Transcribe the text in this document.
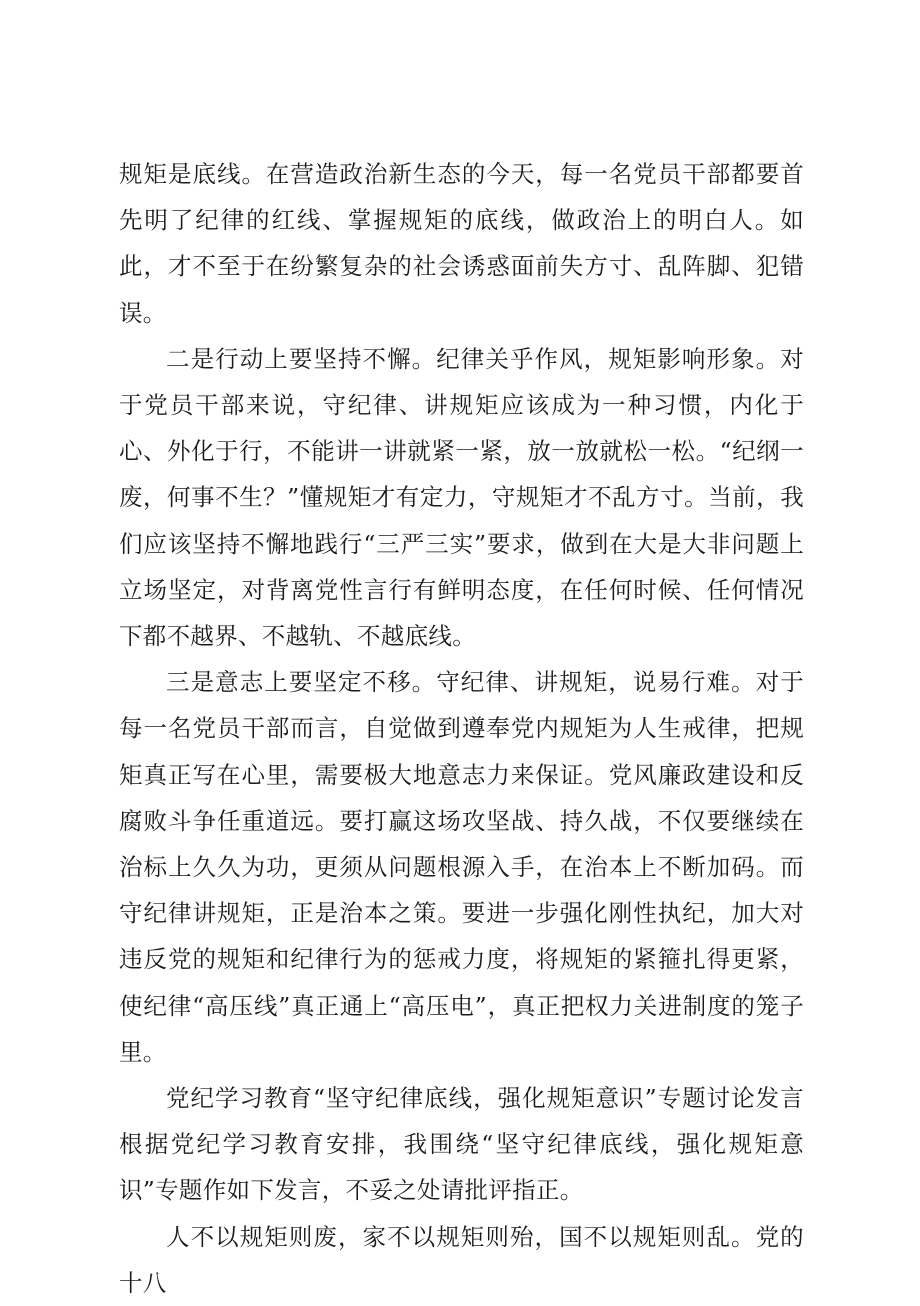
规矩是底线。在营造政治新生态的今天，每一名党员干部都要首先明了纪律的红线、掌握规矩的底线，做政治上的明白人。如此，才不至于在纷繁复杂的社会诱惑面前失方寸、乱阵脚、犯错误。

二是行动上要坚持不懈。纪律关乎作风，规矩影响形象。对于党员干部来说，守纪律、讲规矩应该成为一种习惯，内化于心、外化于行，不能讲一讲就紧一紧，放一放就松一松。“纪纲一废，何事不生？”懂规矩才有定力，守规矩才不乱方寸。当前，我们应该坚持不懈地践行“三严三实”要求，做到在大是大非问题上立场坚定，对背离党性言行有鲜明态度，在任何时候、任何情况下都不越界、不越轨、不越底线。

三是意志上要坚定不移。守纪律、讲规矩，说易行难。对于每一名党员干部而言，自觉做到遵奉党内规矩为人生戒律，把规矩真正写在心里，需要极大地意志力来保证。党风廉政建设和反腐败斗争任重道远。要打赢这场攻坚战、持久战，不仅要继续在治标上久久为功，更须从问题根源入手，在治本上不断加码。而守纪律讲规矩，正是治本之策。要进一步强化刚性执纪，加大对违反党的规矩和纪律行为的惩戒力度，将规矩的紧箍扎得更紧，使纪律“高压线”真正通上“高压电”，真正把权力关进制度的笼子里。

党纪学习教育“坚守纪律底线，强化规矩意识”专题讨论发言根据党纪学习教育安排，我围绕“坚守纪律底线，强化规矩意识”专题作如下发言，不妥之处请批评指正。

人不以规矩则废，家不以规矩则殆，国不以规矩则乱。党的十八
